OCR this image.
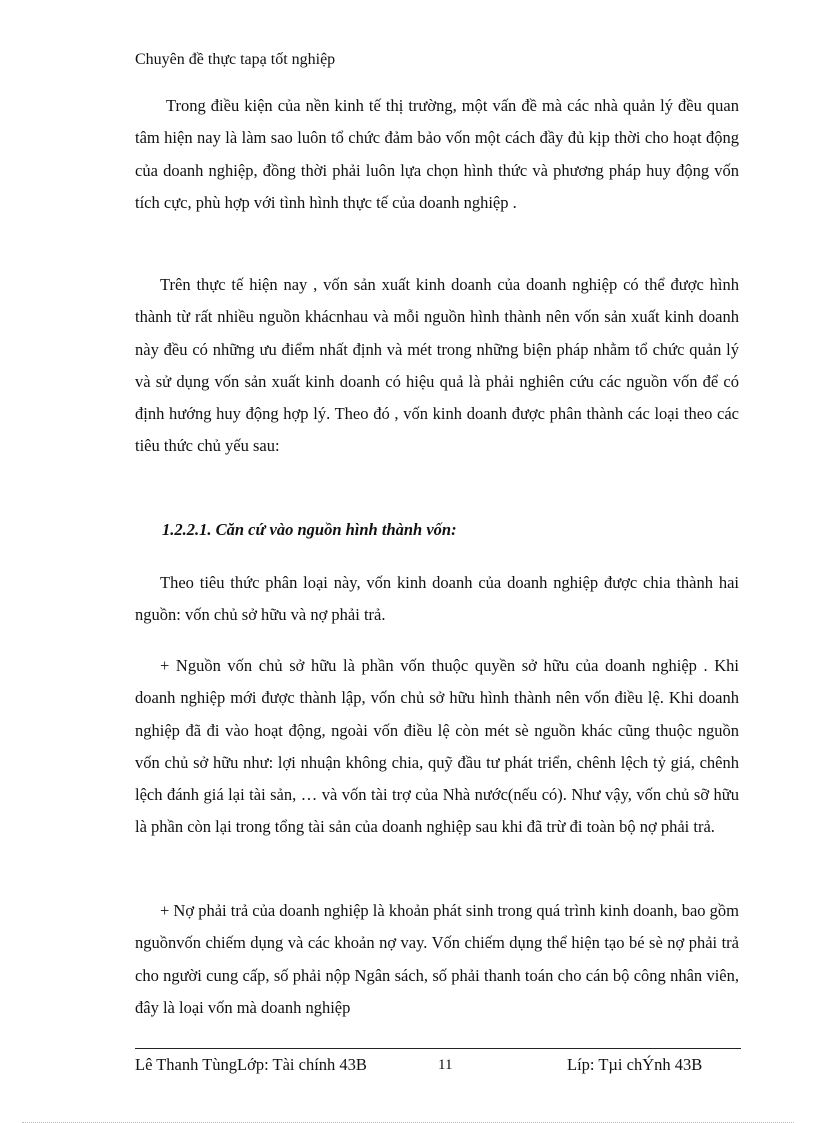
Chuyên đề thực tapạ tốt nghiệp

Trong điều kiện của nền kinh tế thị trường, một vấn đề mà các nhà quản lý đều quan tâm hiện nay là làm sao luôn tổ chức đảm bảo vốn một cách đầy đủ kịp thời cho hoạt động của doanh nghiệp, đồng thời phải luôn lựa chọn hình thức và phương pháp huy động vốn tích cực, phù hợp với tình hình thực tế của doanh nghiệp .

Trên thực tế hiện nay , vốn sản xuất kinh doanh của doanh nghiệp có thể được hình thành từ rất nhiều nguồn khácnhau và mỗi nguồn hình thành nên vốn sản xuất kinh doanh này đều có những ưu điểm nhất định và mét trong những biện pháp nhằm tổ chức quản lý và sử dụng vốn sản xuất kinh doanh có hiệu quả là phải nghiên cứu các nguồn vốn để có định hướng huy động hợp lý. Theo đó , vốn kinh doanh được phân thành các loại theo các tiêu thức chủ yếu sau:

1.2.2.1. Căn cứ vào nguồn hình thành vốn:

Theo tiêu thức phân loại này, vốn kinh doanh của doanh nghiệp được chia thành hai nguồn: vốn chủ sở hữu và nợ phải trả.

+ Nguồn vốn chủ sở hữu là phần vốn thuộc quyền sở hữu của doanh nghiệp . Khi doanh nghiệp mới được thành lập, vốn chủ sở hữu hình thành nên vốn điều lệ. Khi doanh nghiệp đã đi vào hoạt động, ngoài vốn điều lệ còn mét sè nguồn khác cũng thuộc nguồn vốn chủ sở hữu như: lợi nhuận không chia, quỹ đầu tư phát triển, chênh lệch tỷ giá, chênh lệch đánh giá lại tài sản, … và vốn tài trợ của Nhà nước(nếu có). Như vậy, vốn chủ sỡ hữu là phần còn lại trong tổng tài sản của doanh nghiệp sau khi đã trừ đi toàn bộ nợ phải trả.

+ Nợ phải trả của doanh nghiệp là khoản phát sinh trong quá trình kinh doanh, bao gồm nguồnvốn chiếm dụng và các khoản nợ vay. Vốn chiếm dụng thể hiện tạo bé sè nợ phải trả cho người cung cấp, số phải nộp Ngân sách, số phải thanh toán cho cán bộ công nhân viên, đây là loại vốn mà doanh nghiệp

Lê Thanh TùngLớp: Tài chính 43B	11	Líp: Tµi chÝnh 43B
